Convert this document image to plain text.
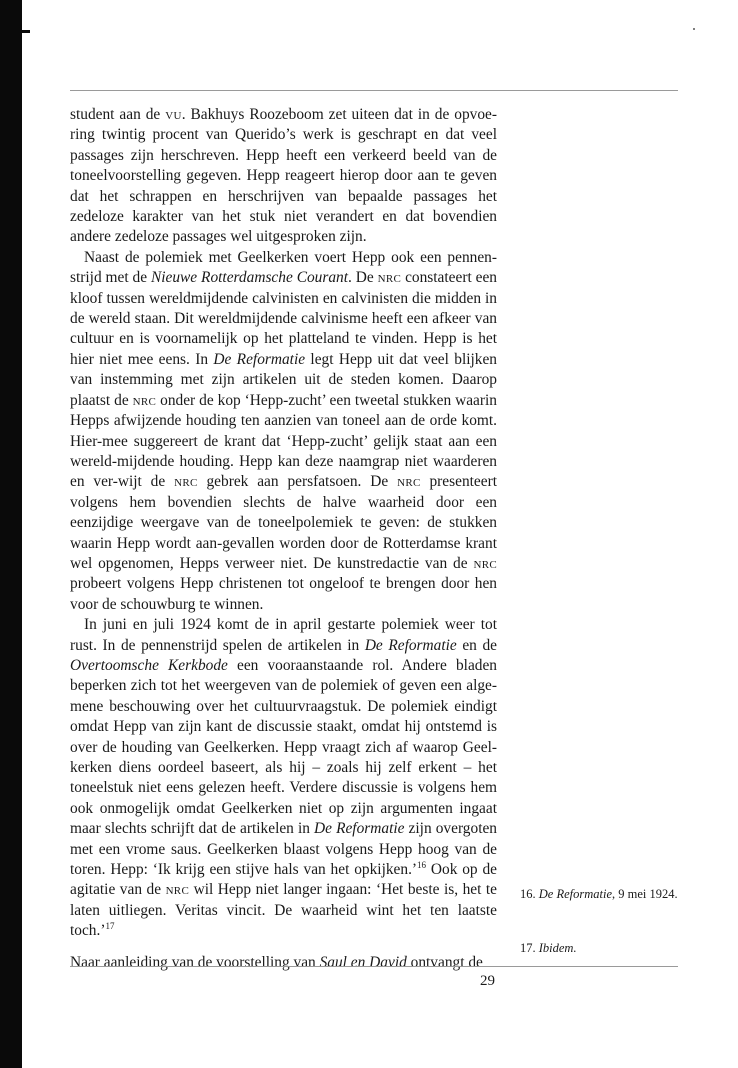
student aan de vu. Bakhuys Roozeboom zet uiteen dat in de opvoe-ring twintig procent van Querido’s werk is geschrapt en dat veel passages zijn herschreven. Hepp heeft een verkeerd beeld van de toneelvoorstelling gegeven. Hepp reageert hierop door aan te geven dat het schrappen en herschrijven van bepaalde passages het zedeloze karakter van het stuk niet verandert en dat bovendien andere zedeloze passages wel uitgesproken zijn.

Naast de polemiek met Geelkerken voert Hepp ook een pennen-strijd met de Nieuwe Rotterdamsche Courant. De nrc constateert een kloof tussen wereldmijdende calvinisten en calvinisten die midden in de wereld staan. Dit wereldmijdende calvinisme heeft een afkeer van cultuur en is voornamelijk op het platteland te vinden. Hepp is het hier niet mee eens. In De Reformatie legt Hepp uit dat veel blijken van instemming met zijn artikelen uit de steden komen. Daarop plaatst de nrc onder de kop ‘Hepp-zucht’ een tweetal stukken waarin Hepps afwijzende houding ten aanzien van toneel aan de orde komt. Hier-mee suggereert de krant dat ‘Hepp-zucht’ gelijk staat aan een wereld-mijdende houding. Hepp kan deze naamgrap niet waarderen en ver-wijt de nrc gebrek aan persfatsoen. De nrc presenteert volgens hem bovendien slechts de halve waarheid door een eenzijdige weergave van de toneelpolemiek te geven: de stukken waarin Hepp wordt aan-gevallen worden door de Rotterdamse krant wel opgenomen, Hepps verweer niet. De kunstredactie van de nrc probeert volgens Hepp christenen tot ongeloof te brengen door hen voor de schouwburg te winnen.

In juni en juli 1924 komt de in april gestarte polemiek weer tot rust. In de pennenstrijd spelen de artikelen in De Reformatie en de Overtoomsche Kerkbode een vooraanstaande rol. Andere bladen beperken zich tot het weergeven van de polemiek of geven een alge-mene beschouwing over het cultuurvraagstuk. De polemiek eindigt omdat Hepp van zijn kant de discussie staakt, omdat hij ontstemd is over de houding van Geelkerken. Hepp vraagt zich af waarop Geel-kerken diens oordeel baseert, als hij – zoals hij zelf erkent – het toneelstuk niet eens gelezen heeft. Verdere discussie is volgens hem ook onmogelijk omdat Geelkerken niet op zijn argumenten ingaat maar slechts schrijft dat de artikelen in De Reformatie zijn overgoten met een vrome saus. Geelkerken blaast volgens Hepp hoog van de toren. Hepp: ‘Ik krijg een stijve hals van het opkijken.’$^{16}$ Ook op de agitatie van de nrc wil Hepp niet langer ingaan: ‘Het beste is, het te laten uitliegen. Veritas vincit. De waarheid wint het ten laatste toch.’$^{17}$

Naar aanleiding van de voorstelling van Saul en David ontvangt de

16. De Reformatie, 9 mei 1924.
17. Ibidem.
29
